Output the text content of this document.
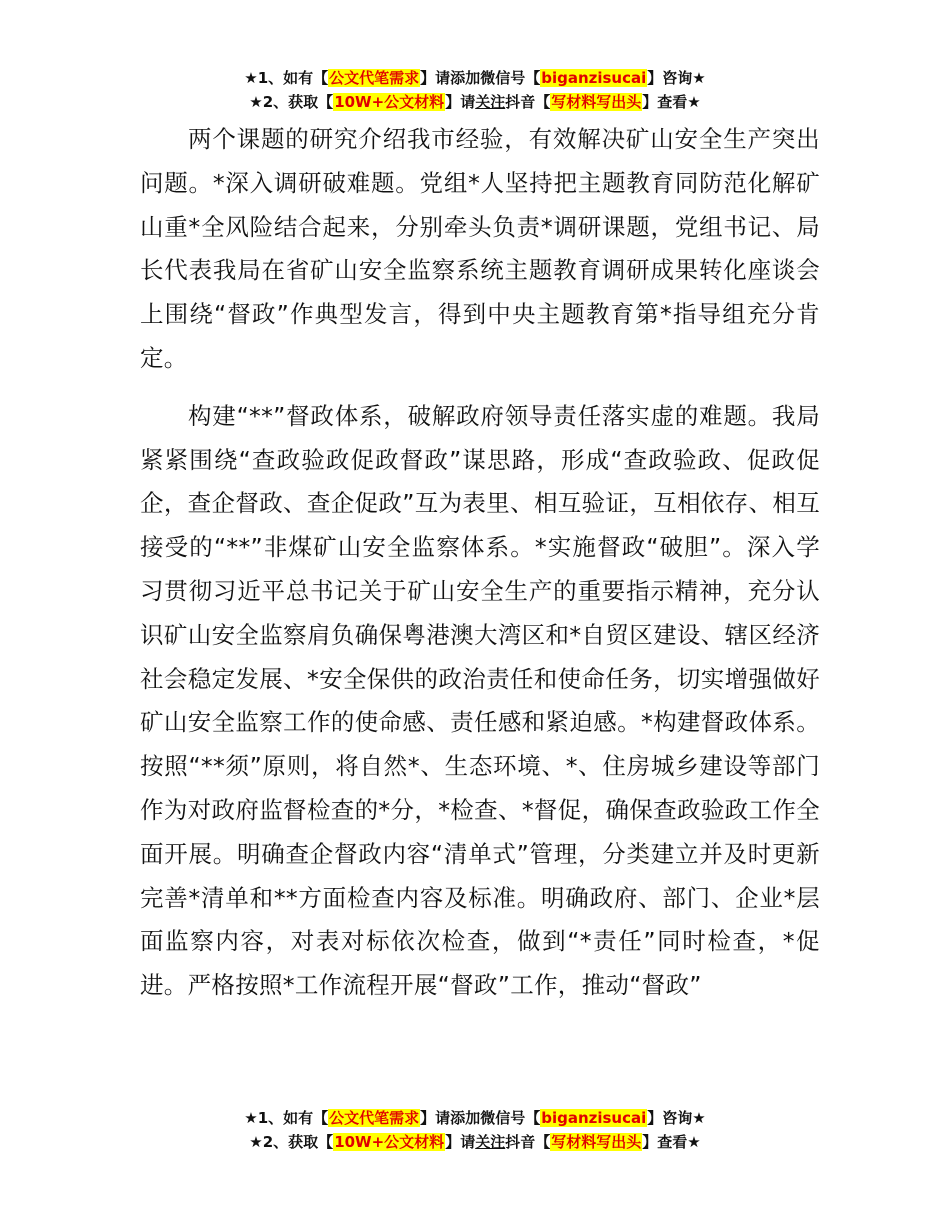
★1、如有【公文代笔需求】请添加微信号【biganzisucai】咨询★
★2、获取【10W+公文材料】请关注抖音【写材料写出头】查看★

两个课题的研究介绍我市经验，有效解决矿山安全生产突出问题。*深入调研破难题。党组*人坚持把主题教育同防范化解矿山重*全风险结合起来，分别牵头负责*调研课题，党组书记、局长代表我局在省矿山安全监察系统主题教育调研成果转化座谈会上围绕“督政”作典型发言，得到中央主题教育第*指导组充分肯定。

构建“**”督政体系，破解政府领导责任落实虚的难题。我局紧紧围绕“查政验政促政督政”谋思路，形成“查政验政、促政促企，查企督政、查企促政”互为表里、相互验证，互相依存、相互接受的“**”非煤矿山安全监察体系。*实施督政“破胆”。深入学习贯彻习近平总书记关于矿山安全生产的重要指示精神，充分认识矿山安全监察肩负确保粤港澳大湾区和*自贸区建设、辖区经济社会稳定发展、*安全保供的政治责任和使命任务，切实增强做好矿山安全监察工作的使命感、责任感和紧迫感。*构建督政体系。按照“**须”原则，将自然*、生态环境、*、住房城乡建设等部门作为对政府监督检查的*分，*检查、*督促，确保查政验政工作全面开展。明确查企督政内容“清单式”管理，分类建立并及时更新完善*清单和**方面检查内容及标准。明确政府、部门、企业*层面监察内容，对表对标依次检查，做到“*责任”同时检查，*促进。严格按照*工作流程开展“督政”工作，推动“督政”

★1、如有【公文代笔需求】请添加微信号【biganzisucai】咨询★
★2、获取【10W+公文材料】请关注抖音【写材料写出头】查看★
